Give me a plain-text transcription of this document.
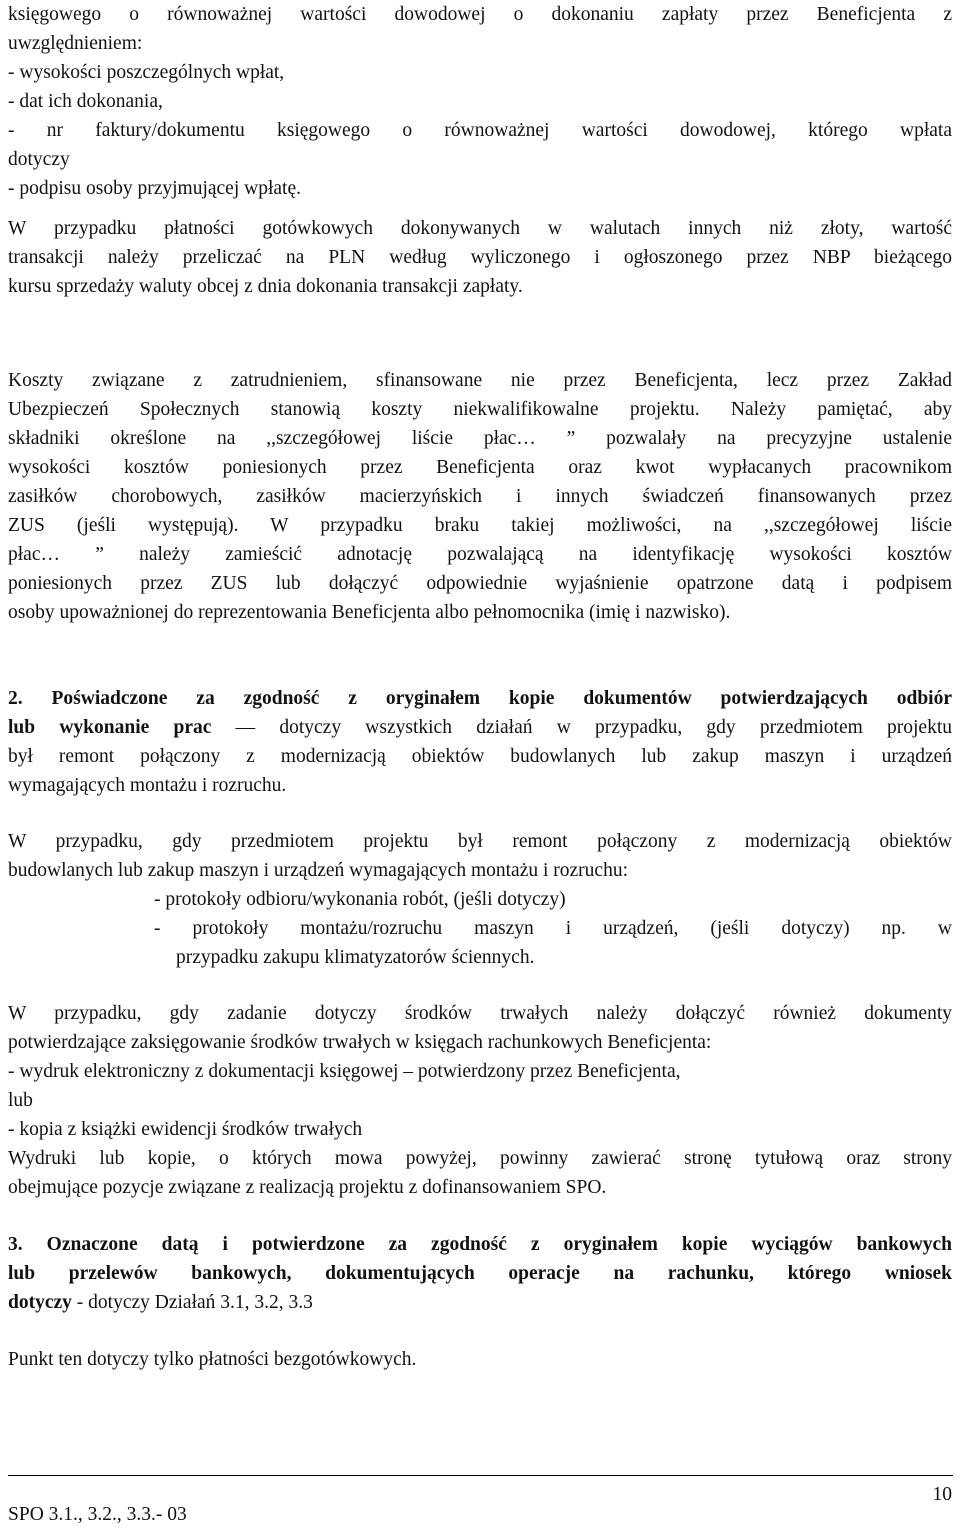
księgowego o równoważnej wartości dowodowej o dokonaniu zapłaty przez Beneficjenta z
uwzględnieniem:
- wysokości poszczególnych wpłat,
- dat ich dokonania,
- nr faktury/dokumentu księgowego o równoważnej wartości dowodowej, którego wpłata
dotyczy
- podpisu osoby przyjmującej wpłatę.
W przypadku płatności gotówkowych dokonywanych w walutach innych niż złoty, wartość
transakcji należy przeliczać na PLN według wyliczonego i ogłoszonego przez NBP bieżącego
kursu sprzedaży waluty obcej z dnia dokonania transakcji zapłaty.
Koszty związane z zatrudnieniem, sfinansowane nie przez Beneficjenta, lecz przez Zakład
Ubezpieczeń Społecznych stanowią koszty niekwalifikowalne projektu. Należy pamiętać, aby
składniki określone na ,,szczegółowej liście płac… ” pozwalały na precyzyjne ustalenie
wysokości kosztów poniesionych przez Beneficjenta oraz kwot wypłacanych pracownikom
zasiłków chorobowych, zasiłków macierzyńskich i innych świadczeń finansowanych przez
ZUS (jeśli występują). W przypadku braku takiej możliwości, na ,,szczegółowej liście
płac… ” należy zamieścić adnotację pozwalającą na identyfikację wysokości kosztów
poniesionych przez ZUS lub dołączyć odpowiednie wyjaśnienie opatrzone datą i podpisem
osoby upoważnionej do reprezentowania Beneficjenta albo pełnomocnika (imię i nazwisko).
2. Poświadczone za zgodność z oryginałem kopie dokumentów potwierdzających odbiór
lub wykonanie prac — dotyczy wszystkich działań w przypadku, gdy przedmiotem projektu
był remont połączony z modernizacją obiektów budowlanych lub zakup maszyn i urządzeń
wymagających montażu i rozruchu.
W przypadku, gdy przedmiotem projektu był remont połączony z modernizacją obiektów
budowlanych lub zakup maszyn i urządzeń wymagających montażu i rozruchu:
- protokoły odbioru/wykonania robót, (jeśli dotyczy)
- protokoły montażu/rozruchu maszyn i urządzeń, (jeśli dotyczy) np. w
przypadku zakupu klimatyzatorów ściennych.
W przypadku, gdy zadanie dotyczy środków trwałych należy dołączyć również dokumenty
potwierdzające zaksięgowanie środków trwałych w księgach rachunkowych Beneficjenta:
- wydruk elektroniczny z dokumentacji księgowej – potwierdzony przez Beneficjenta,
lub
- kopia z książki ewidencji środków trwałych
Wydruki lub kopie, o których mowa powyżej, powinny zawierać stronę tytułową oraz strony
obejmujące pozycje związane z realizacją projektu z dofinansowaniem SPO.
3. Oznaczone datą i potwierdzone za zgodność z oryginałem kopie wyciągów bankowych
lub przelewów bankowych, dokumentujących operacje na rachunku, którego wniosek
dotyczy - dotyczy Działań 3.1, 3.2, 3.3
Punkt ten dotyczy tylko płatności bezgotówkowych.
10
SPO 3.1., 3.2., 3.3.- 03
